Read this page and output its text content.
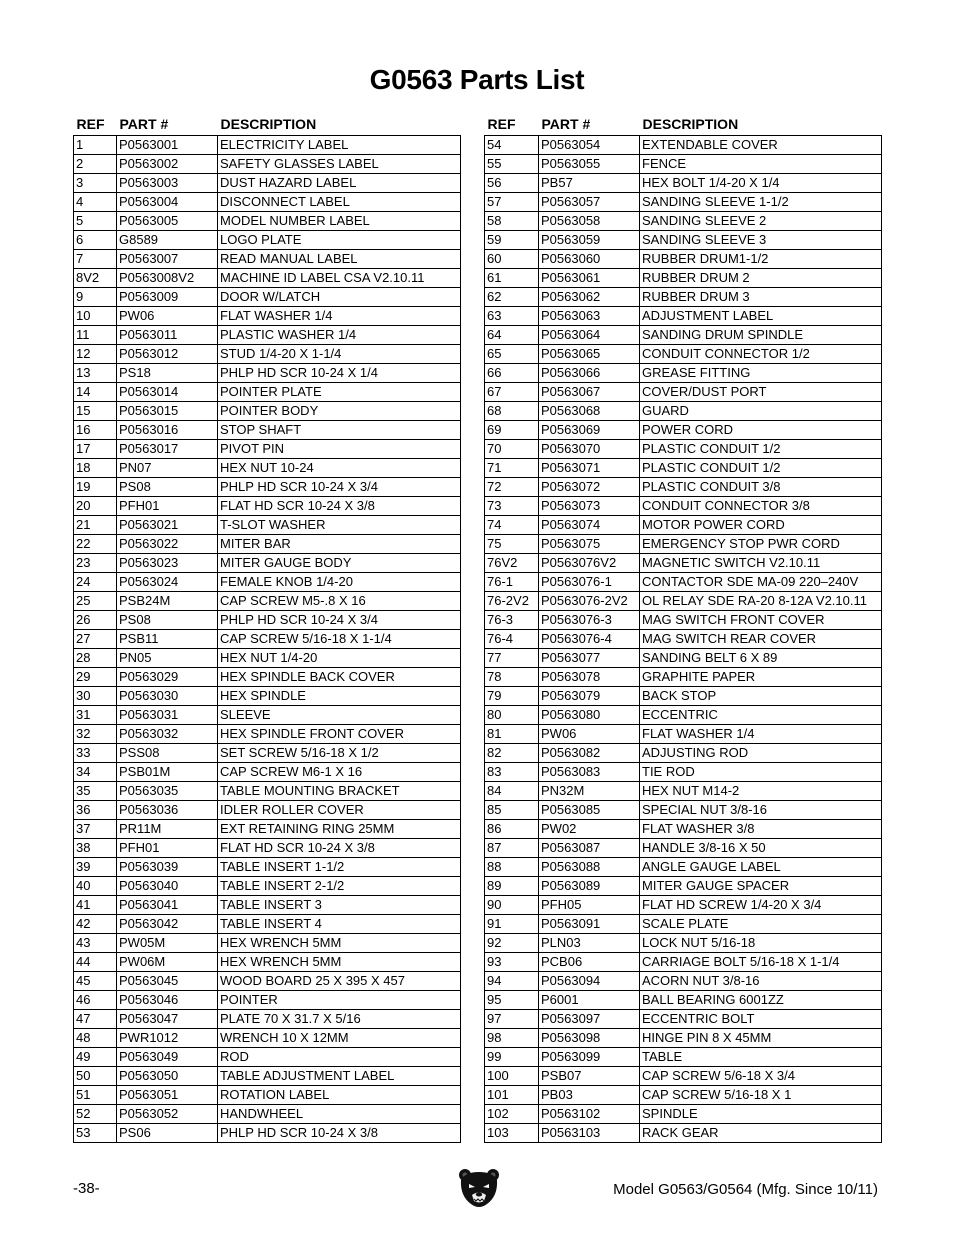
G0563 Parts List
REF	PART #	DESCRIPTION
1	P0563001	ELECTRICITY LABEL
2	P0563002	SAFETY GLASSES LABEL
3	P0563003	DUST HAZARD LABEL
4	P0563004	DISCONNECT LABEL
5	P0563005	MODEL NUMBER LABEL
6	G8589	LOGO PLATE
7	P0563007	READ MANUAL LABEL
8V2	P0563008V2	MACHINE ID LABEL CSA V2.10.11
9	P0563009	DOOR W/LATCH
10	PW06	FLAT WASHER 1/4
11	P0563011	PLASTIC WASHER 1/4
12	P0563012	STUD 1/4-20 X 1-1/4
13	PS18	PHLP HD SCR 10-24 X 1/4
14	P0563014	POINTER PLATE
15	P0563015	POINTER BODY
16	P0563016	STOP SHAFT
17	P0563017	PIVOT PIN
18	PN07	HEX NUT 10-24
19	PS08	PHLP HD SCR 10-24 X 3/4
20	PFH01	FLAT HD SCR 10-24 X 3/8
21	P0563021	T-SLOT WASHER
22	P0563022	MITER BAR
23	P0563023	MITER GAUGE BODY
24	P0563024	FEMALE KNOB 1/4-20
25	PSB24M	CAP SCREW M5-.8 X 16
26	PS08	PHLP HD SCR 10-24 X 3/4
27	PSB11	CAP SCREW 5/16-18 X 1-1/4
28	PN05	HEX NUT 1/4-20
29	P0563029	HEX SPINDLE BACK COVER
30	P0563030	HEX SPINDLE
31	P0563031	SLEEVE
32	P0563032	HEX SPINDLE FRONT COVER
33	PSS08	SET SCREW 5/16-18 X 1/2
34	PSB01M	CAP SCREW M6-1 X 16
35	P0563035	TABLE MOUNTING BRACKET
36	P0563036	IDLER ROLLER COVER
37	PR11M	EXT RETAINING RING 25MM
38	PFH01	FLAT HD SCR 10-24 X 3/8
39	P0563039	TABLE INSERT 1-1/2
40	P0563040	TABLE INSERT 2-1/2
41	P0563041	TABLE INSERT 3
42	P0563042	TABLE INSERT 4
43	PW05M	HEX WRENCH 5MM
44	PW06M	HEX WRENCH 5MM
45	P0563045	WOOD BOARD 25 X 395 X 457
46	P0563046	POINTER
47	P0563047	PLATE 70 X 31.7 X 5/16
48	PWR1012	WRENCH 10 X 12MM
49	P0563049	ROD
50	P0563050	TABLE ADJUSTMENT LABEL
51	P0563051	ROTATION LABEL
52	P0563052	HANDWHEEL
53	PS06	PHLP HD SCR 10-24 X 3/8
REF	PART #	DESCRIPTION
54	P0563054	EXTENDABLE COVER
55	P0563055	FENCE
56	PB57	HEX BOLT 1/4-20 X 1/4
57	P0563057	SANDING SLEEVE 1-1/2
58	P0563058	SANDING SLEEVE 2
59	P0563059	SANDING SLEEVE 3
60	P0563060	RUBBER DRUM1-1/2
61	P0563061	RUBBER DRUM 2
62	P0563062	RUBBER DRUM 3
63	P0563063	ADJUSTMENT LABEL
64	P0563064	SANDING DRUM SPINDLE
65	P0563065	CONDUIT CONNECTOR 1/2
66	P0563066	GREASE FITTING
67	P0563067	COVER/DUST PORT
68	P0563068	GUARD
69	P0563069	POWER CORD
70	P0563070	PLASTIC CONDUIT 1/2
71	P0563071	PLASTIC CONDUIT 1/2
72	P0563072	PLASTIC CONDUIT 3/8
73	P0563073	CONDUIT CONNECTOR 3/8
74	P0563074	MOTOR POWER CORD
75	P0563075	EMERGENCY STOP PWR CORD
76V2	P0563076V2	MAGNETIC SWITCH V2.10.11
76-1	P0563076-1	CONTACTOR SDE MA-09 220–240V
76-2V2	P0563076-2V2	OL RELAY SDE RA-20 8-12A V2.10.11
76-3	P0563076-3	MAG SWITCH FRONT COVER
76-4	P0563076-4	MAG SWITCH REAR COVER
77	P0563077	SANDING BELT 6 X 89
78	P0563078	GRAPHITE PAPER
79	P0563079	BACK STOP
80	P0563080	ECCENTRIC
81	PW06	FLAT WASHER 1/4
82	P0563082	ADJUSTING ROD
83	P0563083	TIE ROD
84	PN32M	HEX NUT M14-2
85	P0563085	SPECIAL NUT 3/8-16
86	PW02	FLAT WASHER 3/8
87	P0563087	HANDLE 3/8-16 X 50
88	P0563088	ANGLE GAUGE LABEL
89	P0563089	MITER GAUGE SPACER
90	PFH05	FLAT HD SCREW 1/4-20 X 3/4
91	P0563091	SCALE PLATE
92	PLN03	LOCK NUT 5/16-18
93	PCB06	CARRIAGE BOLT 5/16-18 X 1-1/4
94	P0563094	ACORN NUT 3/8-16
95	P6001	BALL BEARING 6001ZZ
97	P0563097	ECCENTRIC BOLT
98	P0563098	HINGE PIN 8 X 45MM
99	P0563099	TABLE
100	PSB07	CAP SCREW 5/6-18 X 3/4
101	PB03	CAP SCREW 5/16-18 X 1
102	P0563102	SPINDLE
103	P0563103	RACK GEAR
-38-	Model G0563/G0564 (Mfg. Since 10/11)
